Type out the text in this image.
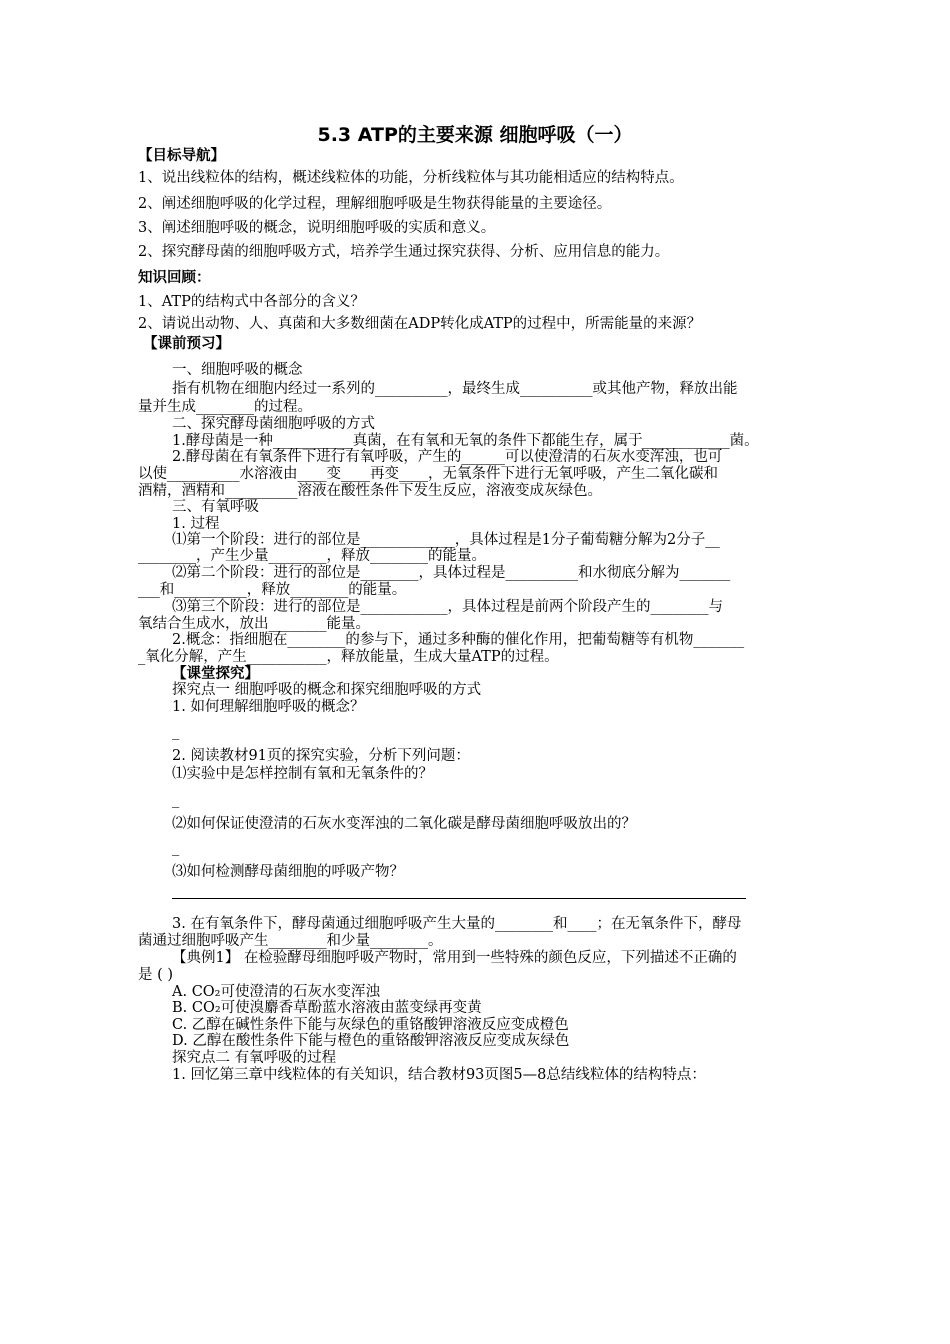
5.3 ATP的主要来源 细胞呼吸（一）
【目标导航】
1、说出线粒体的结构，概述线粒体的功能，分析线粒体与其功能相适应的结构特点。
2、阐述细胞呼吸的化学过程，理解细胞呼吸是生物获得能量的主要途径。
3、阐述细胞呼吸的概念，说明细胞呼吸的实质和意义。
2、探究酵母菌的细胞呼吸方式，培养学生通过探究获得、分析、应用信息的能力。
知识回顾：
1、ATP的结构式中各部分的含义？
2、请说出动物、人、真菌和大多数细菌在ADP转化成ATP的过程中，所需能量的来源？
【课前预习】
一、细胞呼吸的概念
指有机物在细胞内经过一系列的__________，最终生成__________或其他产物，释放出能
量并生成________的过程。
二、探究酵母菌细胞呼吸的方式
1.酵母菌是一种___________真菌，在有氧和无氧的条件下都能生存，属于____________菌。
2.酵母菌在有氧条件下进行有氧呼吸，产生的______可以使澄清的石灰水变浑浊，也可
以使__________水溶液由____变____再变____，无氧条件下进行无氧呼吸，产生二氧化碳和
酒精，酒精和__________溶液在酸性条件下发生反应，溶液变成灰绿色。
三、有氧呼吸
1. 过程
⑴第一个阶段：进行的部位是_____________，具体过程是1分子葡萄糖分解为2分子__
________，产生少量________，释放________的能量。
⑵第二个阶段：进行的部位是________，具体过程是__________和水彻底分解为_______
___和__________，释放________的能量。
⑶第三个阶段：进行的部位是____________，具体过程是前两个阶段产生的________与
氧结合生成水，放出________能量。
2.概念：指细胞在________的参与下，通过多种酶的催化作用，把葡萄糖等有机物_______
_氧化分解，产生___________，释放能量，生成大量ATP的过程。
【课堂探究】
探究点一 细胞呼吸的概念和探究细胞呼吸的方式
1. 如何理解细胞呼吸的概念？
_
2. 阅读教材91页的探究实验，分析下列问题：
⑴实验中是怎样控制有氧和无氧条件的？
_
⑵如何保证使澄清的石灰水变浑浊的二氧化碳是酵母菌细胞呼吸放出的？
_
⑶如何检测酵母菌细胞的呼吸产物？
3. 在有氧条件下，酵母菌通过细胞呼吸产生大量的________和____；在无氧条件下，酵母
菌通过细胞呼吸产生________和少量________。
【典例1】 在检验酵母细胞呼吸产物时，常用到一些特殊的颜色反应，下列描述不正确的
是 ( )
A. CO₂可使澄清的石灰水变浑浊
B. CO₂可使溴麝香草酚蓝水溶液由蓝变绿再变黄
C. 乙醇在碱性条件下能与灰绿色的重铬酸钾溶液反应变成橙色
D. 乙醇在酸性条件下能与橙色的重铬酸钾溶液反应变成灰绿色
探究点二 有氧呼吸的过程
1. 回忆第三章中线粒体的有关知识，结合教材93页图5—8总结线粒体的结构特点：
